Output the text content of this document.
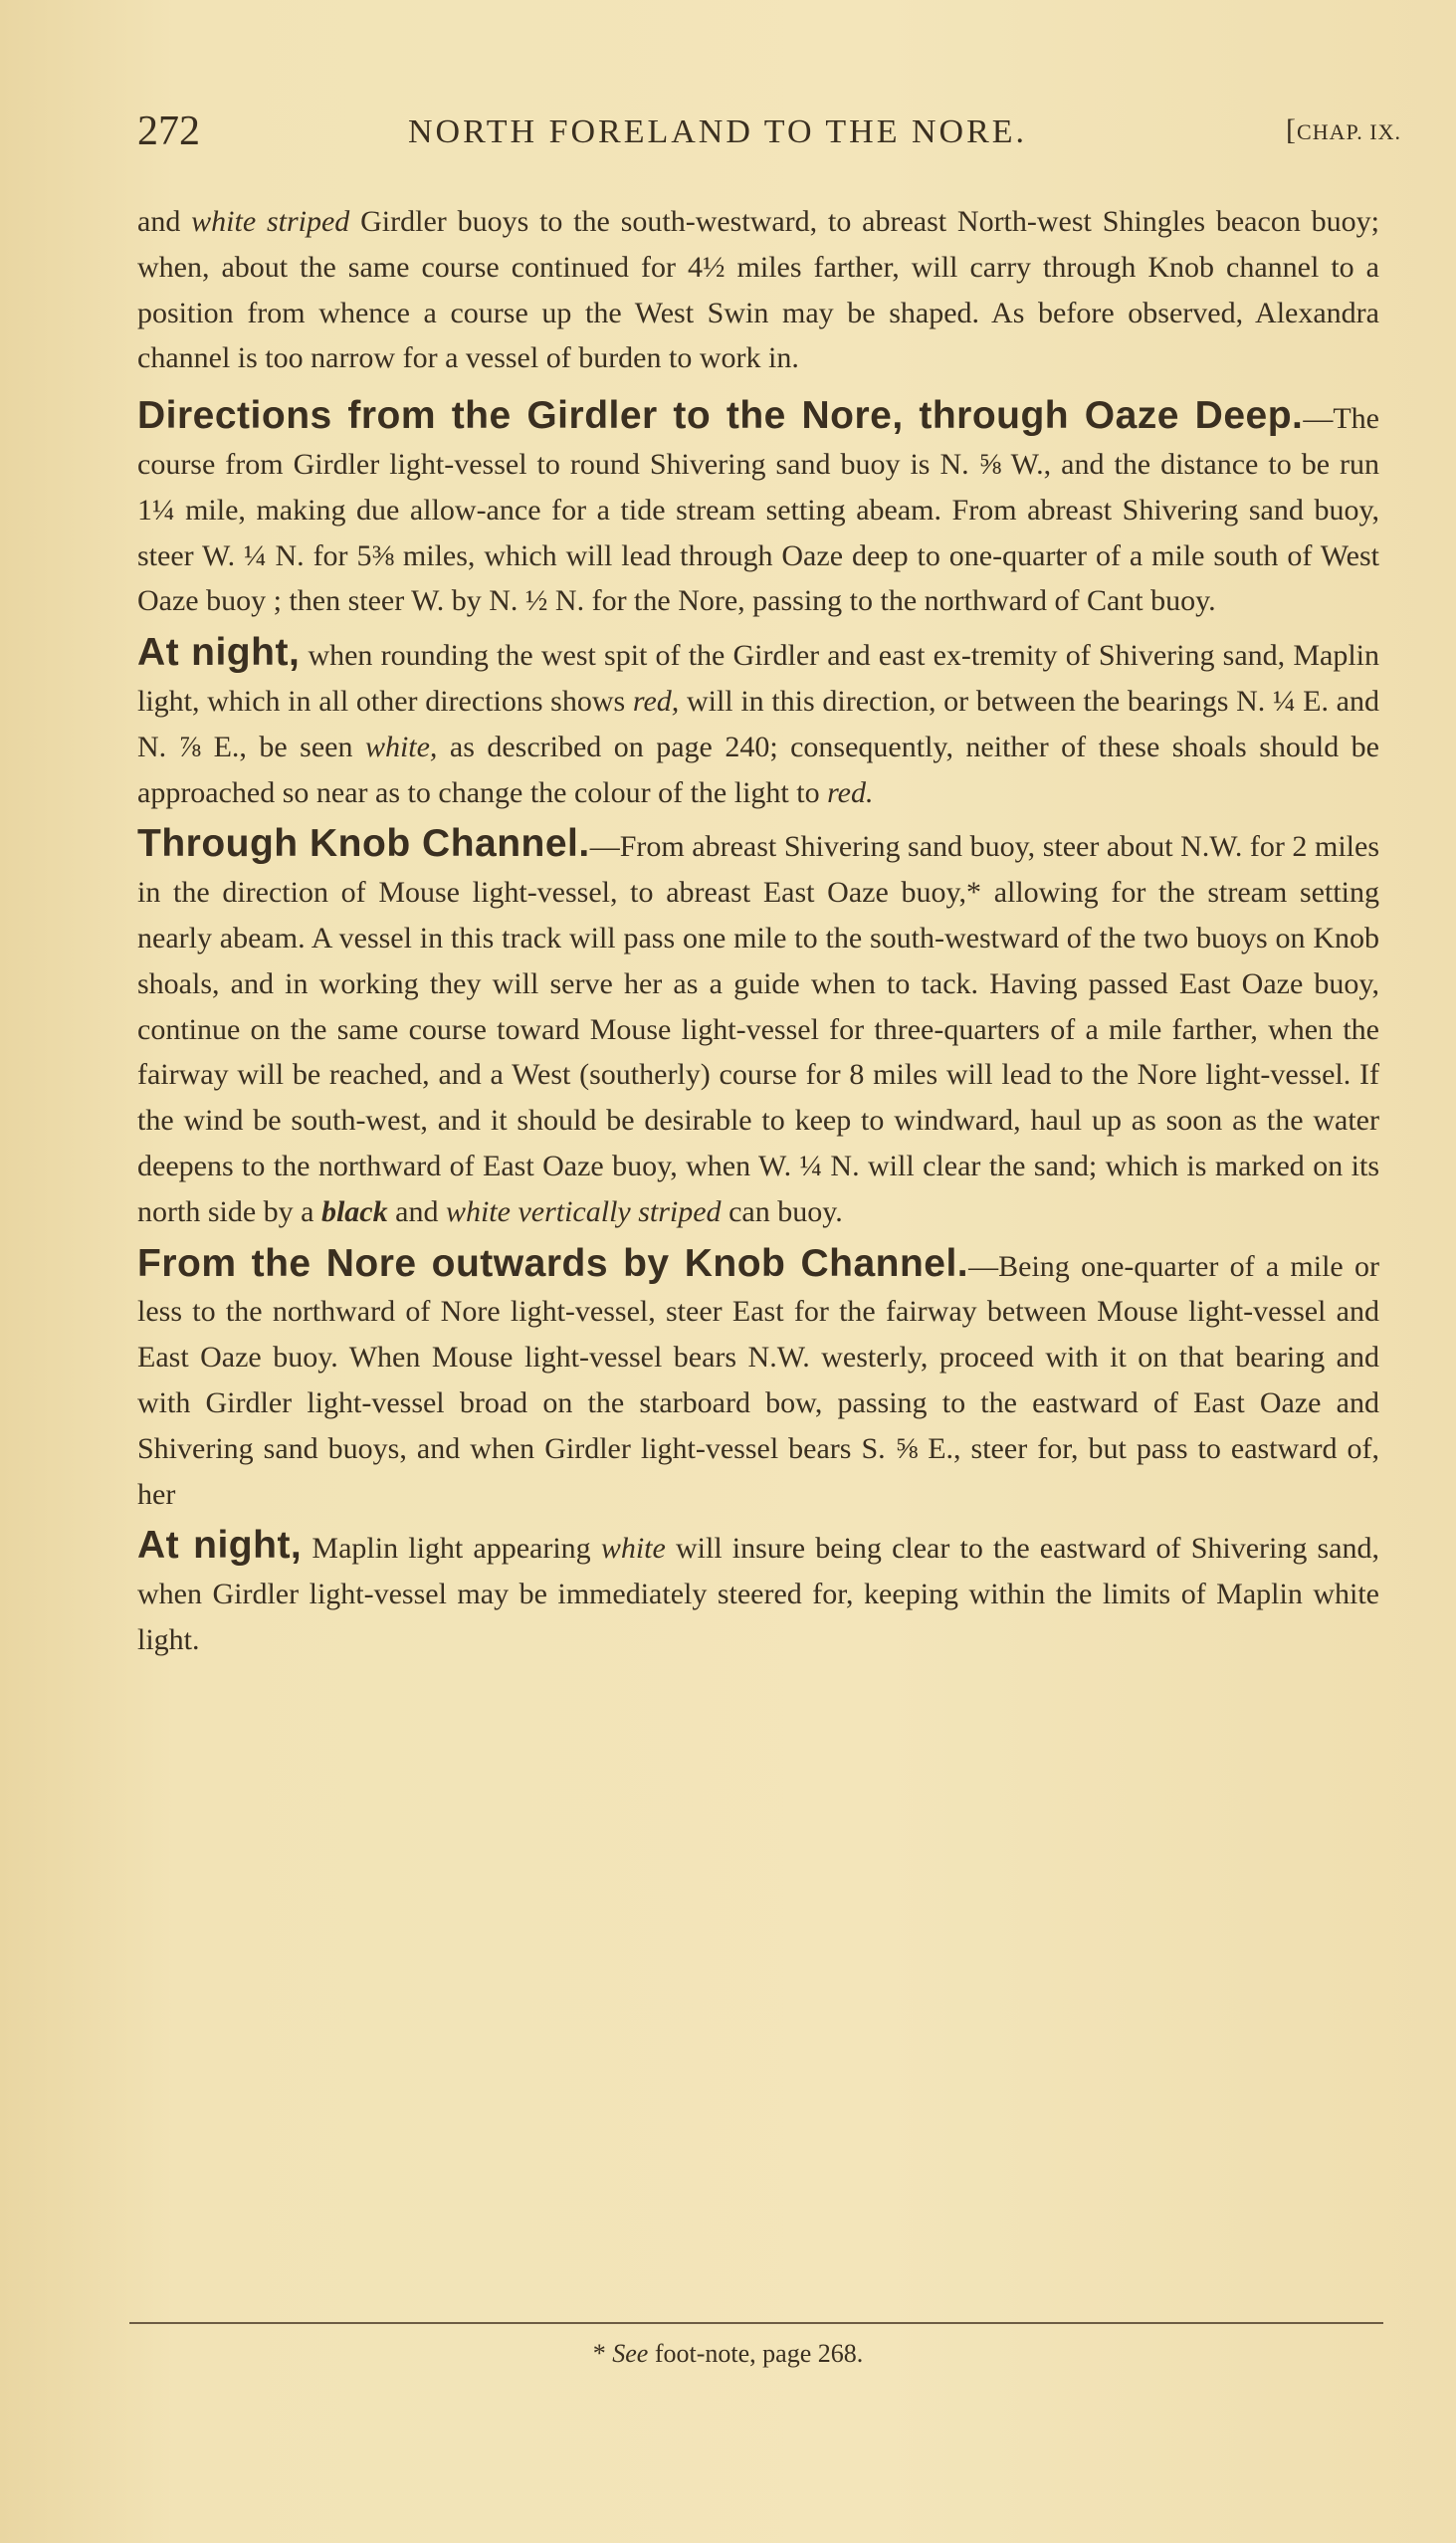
272	NORTH FORELAND TO THE NORE.	[CHAP. IX.

and white striped Girdler buoys to the south-westward, to abreast North-west Shingles beacon buoy; when, about the same course continued for 4½ miles farther, will carry through Knob channel to a position from whence a course up the West Swin may be shaped. As before observed, Alexandra channel is too narrow for a vessel of burden to work in.

Directions from the Girdler to the Nore, through Oaze Deep.—The course from Girdler light-vessel to round Shivering sand buoy is N. ⅝ W., and the distance to be run 1¼ mile, making due allow-ance for a tide stream setting abeam. From abreast Shivering sand buoy, steer W. ¼ N. for 5⅜ miles, which will lead through Oaze deep to one-quarter of a mile south of West Oaze buoy ; then steer W. by N. ½ N. for the Nore, passing to the northward of Cant buoy.

At night, when rounding the west spit of the Girdler and east ex-tremity of Shivering sand, Maplin light, which in all other directions shows red, will in this direction, or between the bearings N. ¼ E. and N. ⅞ E., be seen white, as described on page 240; consequently, neither of these shoals should be approached so near as to change the colour of the light to red.

Through Knob Channel.—From abreast Shivering sand buoy, steer about N.W. for 2 miles in the direction of Mouse light-vessel, to abreast East Oaze buoy,* allowing for the stream setting nearly abeam. A vessel in this track will pass one mile to the south-westward of the two buoys on Knob shoals, and in working they will serve her as a guide when to tack. Having passed East Oaze buoy, continue on the same course toward Mouse light-vessel for three-quarters of a mile farther, when the fairway will be reached, and a West (southerly) course for 8 miles will lead to the Nore light-vessel. If the wind be south-west, and it should be desirable to keep to windward, haul up as soon as the water deepens to the northward of East Oaze buoy, when W. ¼ N. will clear the sand; which is marked on its north side by a black and white vertically striped can buoy.

From the Nore outwards by Knob Channel.—Being one-quarter of a mile or less to the northward of Nore light-vessel, steer East for the fairway between Mouse light-vessel and East Oaze buoy. When Mouse light-vessel bears N.W. westerly, proceed with it on that bearing and with Girdler light-vessel broad on the starboard bow, passing to the eastward of East Oaze and Shivering sand buoys, and when Girdler light-vessel bears S. ⅝ E., steer for, but pass to eastward of, her

At night, Maplin light appearing white will insure being clear to the eastward of Shivering sand, when Girdler light-vessel may be immediately steered for, keeping within the limits of Maplin white light.

* See foot-note, page 268.
